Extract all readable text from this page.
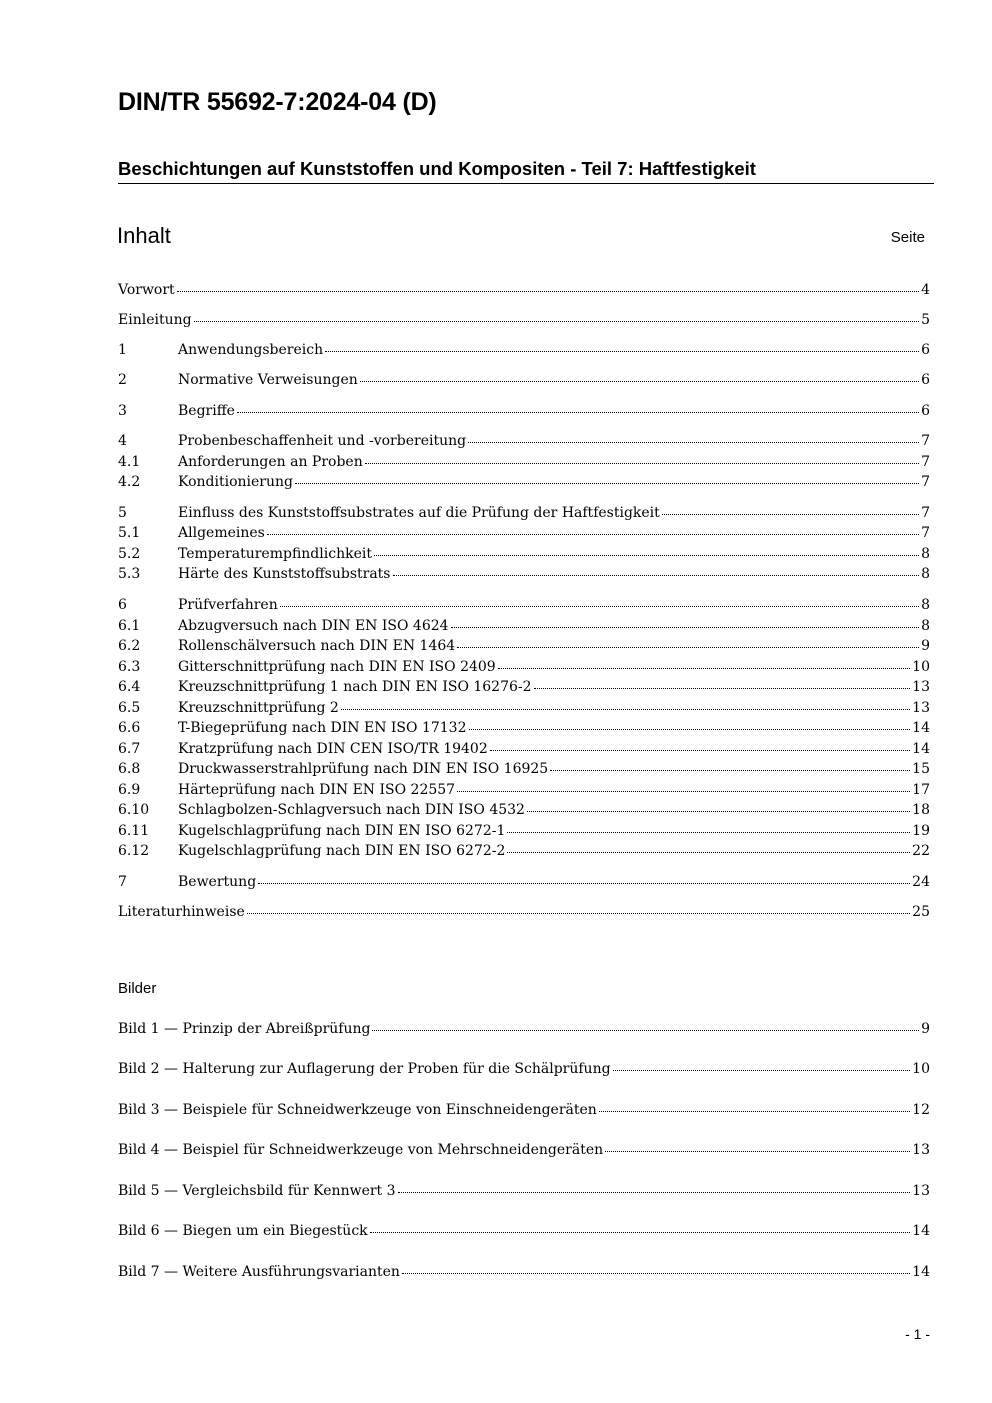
DIN/TR 55692-7:2024-04 (D)
Beschichtungen auf Kunststoffen und Kompositen - Teil 7: Haftfestigkeit
Inhalt	Seite
Vorwort	4
Einleitung	5
1	Anwendungsbereich	6
2	Normative Verweisungen	6
3	Begriffe	6
4	Probenbeschaffenheit und -vorbereitung	7
4.1	Anforderungen an Proben	7
4.2	Konditionierung	7
5	Einfluss des Kunststoffsubstrates auf die Prüfung der Haftfestigkeit	7
5.1	Allgemeines	7
5.2	Temperaturempfindlichkeit	8
5.3	Härte des Kunststoffsubstrats	8
6	Prüfverfahren	8
6.1	Abzugversuch nach DIN EN ISO 4624	8
6.2	Rollenschälversuch nach DIN EN 1464	9
6.3	Gitterschnittprüfung nach DIN EN ISO 2409	10
6.4	Kreuzschnittprüfung 1 nach DIN EN ISO 16276-2	13
6.5	Kreuzschnittprüfung 2	13
6.6	T-Biegeprüfung nach DIN EN ISO 17132	14
6.7	Kratzprüfung nach DIN CEN ISO/TR 19402	14
6.8	Druckwasserstrahlprüfung nach DIN EN ISO 16925	15
6.9	Härteprüfung nach DIN EN ISO 22557	17
6.10	Schlagbolzen-Schlagversuch nach DIN ISO 4532	18
6.11	Kugelschlagprüfung nach DIN EN ISO 6272-1	19
6.12	Kugelschlagprüfung nach DIN EN ISO 6272-2	22
7	Bewertung	24
Literaturhinweise	25
Bilder
Bild 1 — Prinzip der Abreißprüfung	9
Bild 2 — Halterung zur Auflagerung der Proben für die Schälprüfung	10
Bild 3 — Beispiele für Schneidwerkzeuge von Einschneidengeräten	12
Bild 4 — Beispiel für Schneidwerkzeuge von Mehrschneidengeräten	13
Bild 5 — Vergleichsbild für Kennwert 3	13
Bild 6 — Biegen um ein Biegestück	14
Bild 7 — Weitere Ausführungsvarianten	14
- 1 -
